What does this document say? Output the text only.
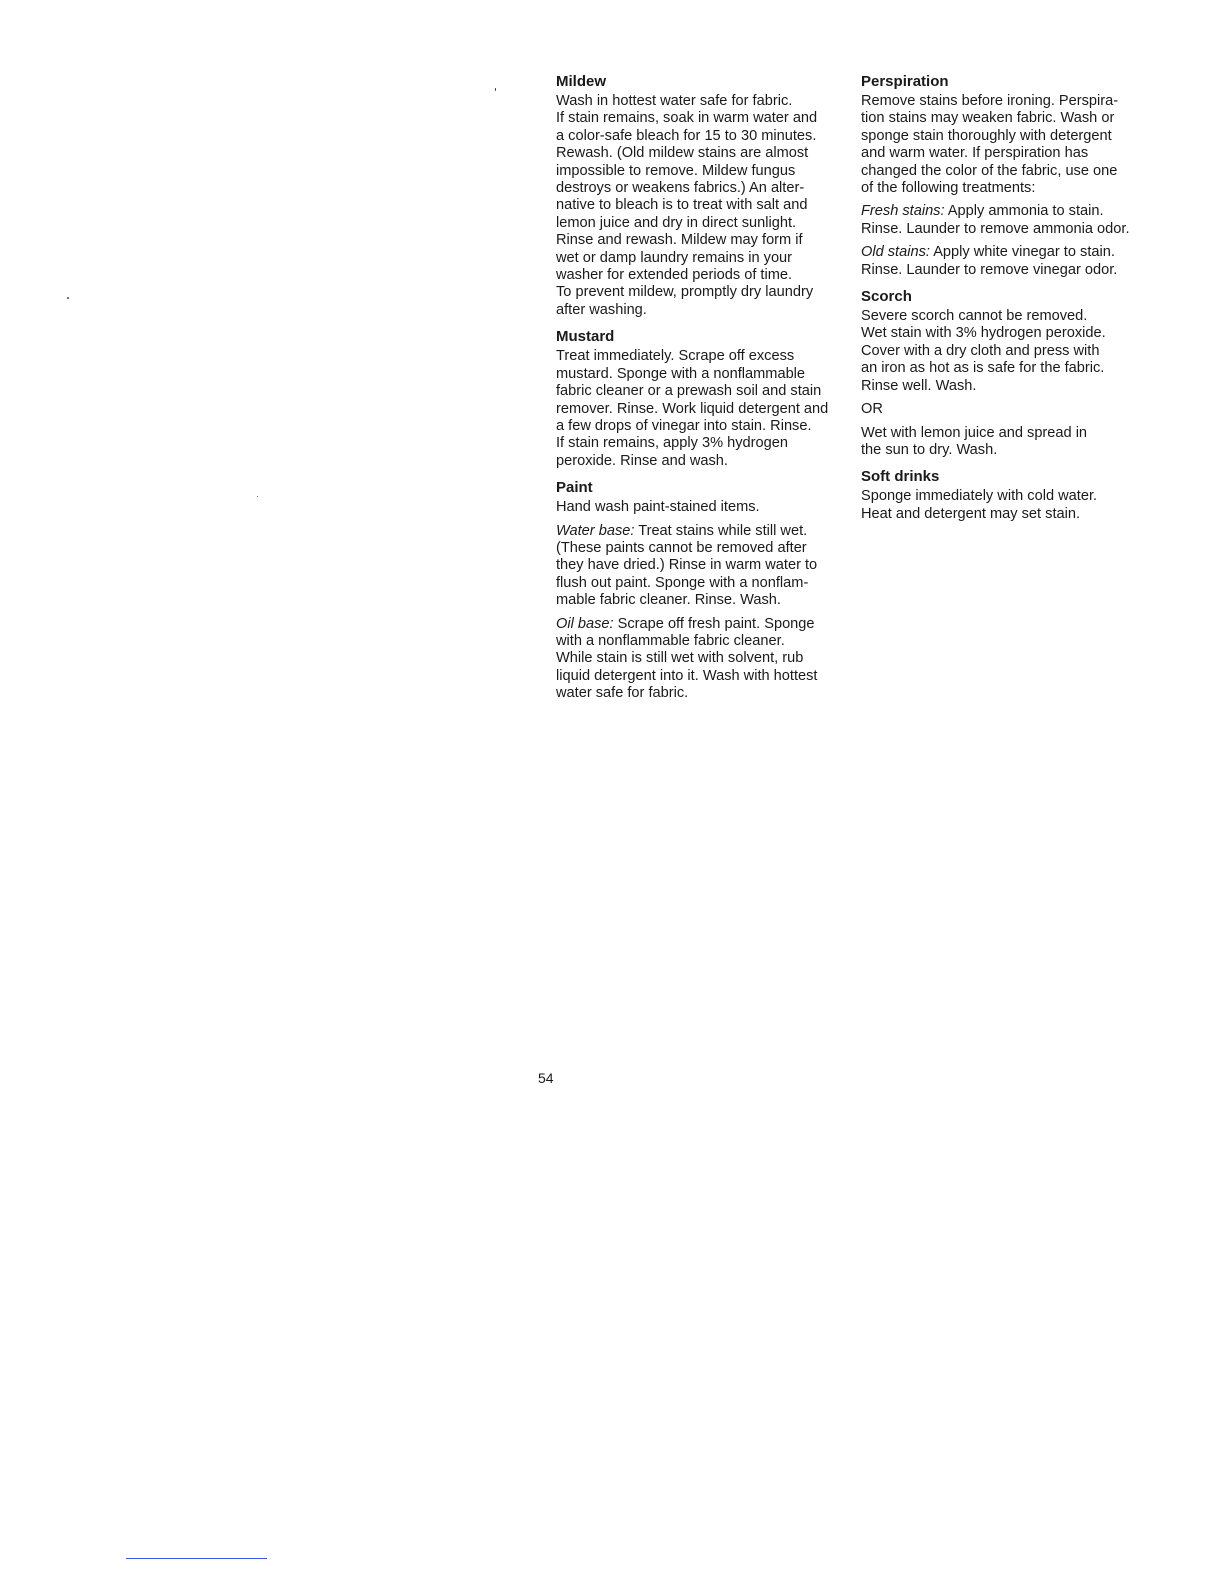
Mildew

Wash in hottest water safe for fabric.
If stain remains, soak in warm water and
a color-safe bleach for 15 to 30 minutes.
Rewash. (Old mildew stains are almost
impossible to remove. Mildew fungus
destroys or weakens fabrics.) An alter-
native to bleach is to treat with salt and
lemon juice and dry in direct sunlight.
Rinse and rewash. Mildew may form if
wet or damp laundry remains in your
washer for extended periods of time.
To prevent mildew, promptly dry laundry
after washing.

Mustard

Treat immediately. Scrape off excess
mustard. Sponge with a nonflammable
fabric cleaner or a prewash soil and stain
remover. Rinse. Work liquid detergent and
a few drops of vinegar into stain. Rinse.
If stain remains, apply 3% hydrogen
peroxide. Rinse and wash.

Paint

Hand wash paint-stained items.

Water base: Treat stains while still wet.
(These paints cannot be removed after
they have dried.) Rinse in warm water to
flush out paint. Sponge with a nonflam-
mable fabric cleaner. Rinse. Wash.

Oil base: Scrape off fresh paint. Sponge
with a nonflammable fabric cleaner.
While stain is still wet with solvent, rub
liquid detergent into it. Wash with hottest
water safe for fabric.

Perspiration

Remove stains before ironing. Perspira-
tion stains may weaken fabric. Wash or
sponge stain thoroughly with detergent
and warm water. If perspiration has
changed the color of the fabric, use one
of the following treatments:

Fresh stains: Apply ammonia to stain.
Rinse. Launder to remove ammonia odor.

Old stains: Apply white vinegar to stain.
Rinse. Launder to remove vinegar odor.

Scorch

Severe scorch cannot be removed.
Wet stain with 3% hydrogen peroxide.
Cover with a dry cloth and press with
an iron as hot as is safe for the fabric.
Rinse well. Wash.

OR

Wet with lemon juice and spread in
the sun to dry. Wash.

Soft drinks

Sponge immediately with cold water.
Heat and detergent may set stain.

54
